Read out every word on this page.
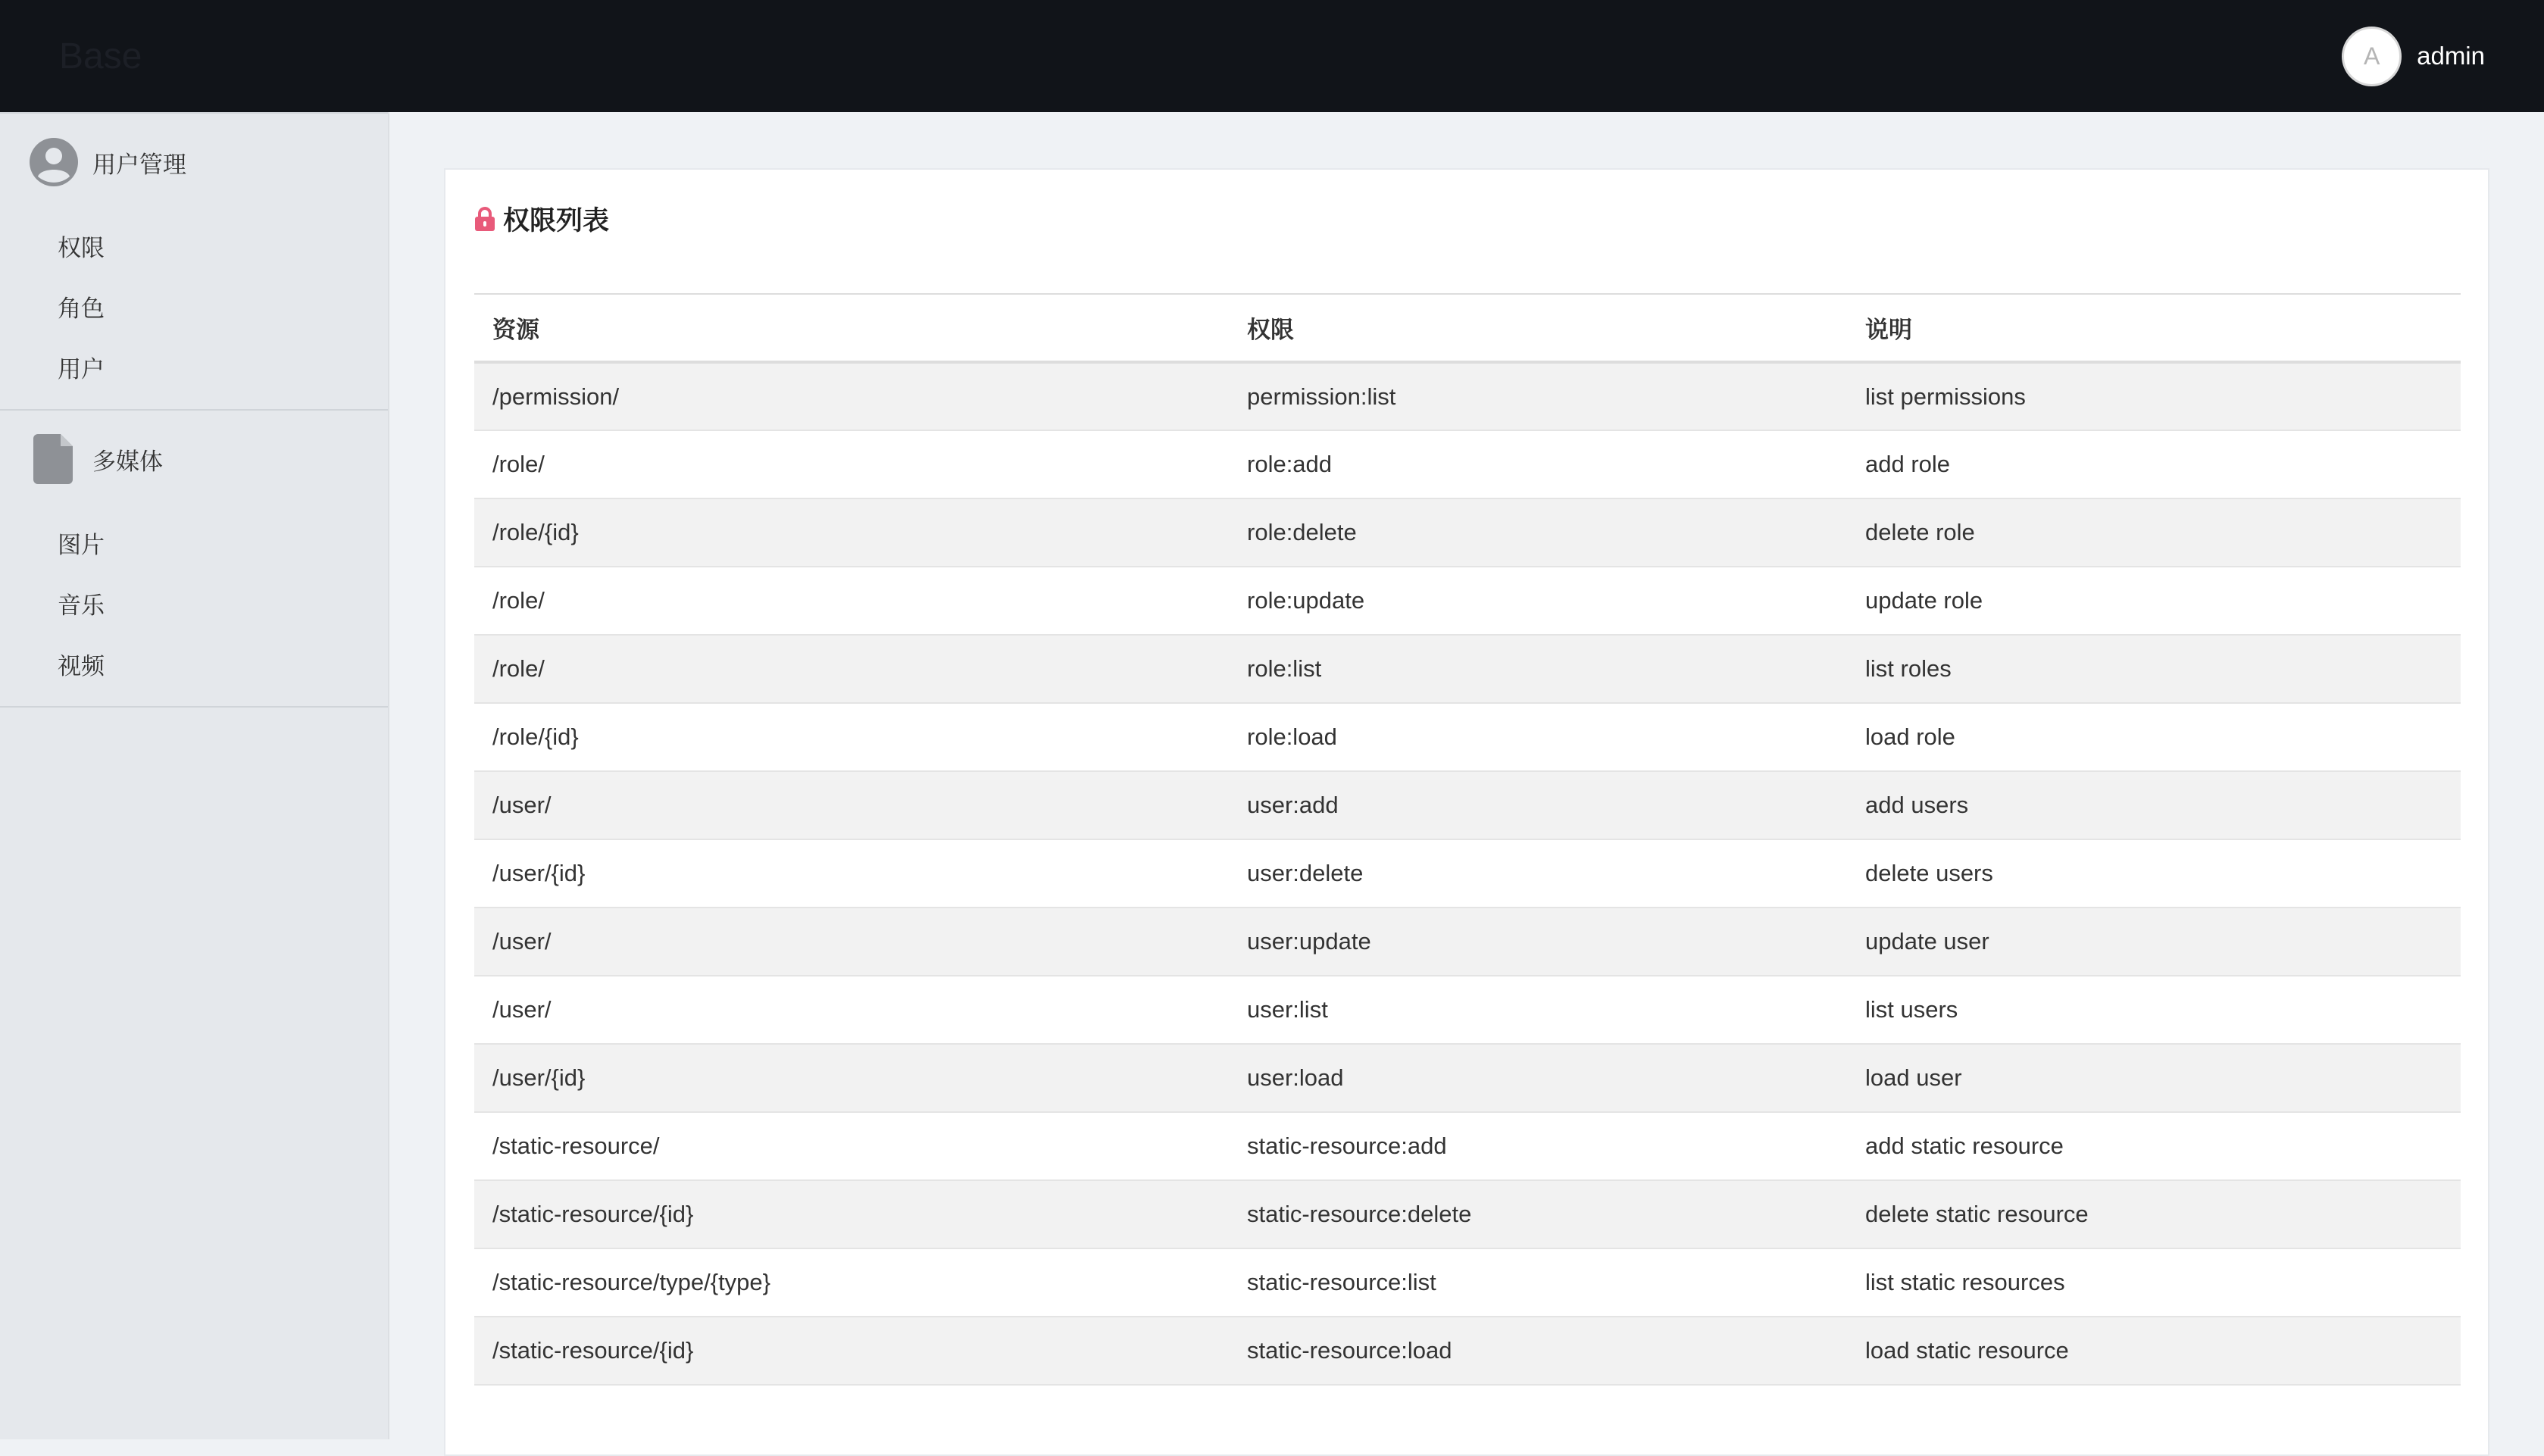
Base	A	admin
用户管理
权限
角色
用户
多媒体
图片
音乐
视频
权限列表
资源	权限	说明
/permission/	permission:list	list permissions
/role/	role:add	add role
/role/{id}	role:delete	delete role
/role/	role:update	update role
/role/	role:list	list roles
/role/{id}	role:load	load role
/user/	user:add	add users
/user/{id}	user:delete	delete users
/user/	user:update	update user
/user/	user:list	list users
/user/{id}	user:load	load user
/static-resource/	static-resource:add	add static resource
/static-resource/{id}	static-resource:delete	delete static resource
/static-resource/type/{type}	static-resource:list	list static resources
/static-resource/{id}	static-resource:load	load static resource
